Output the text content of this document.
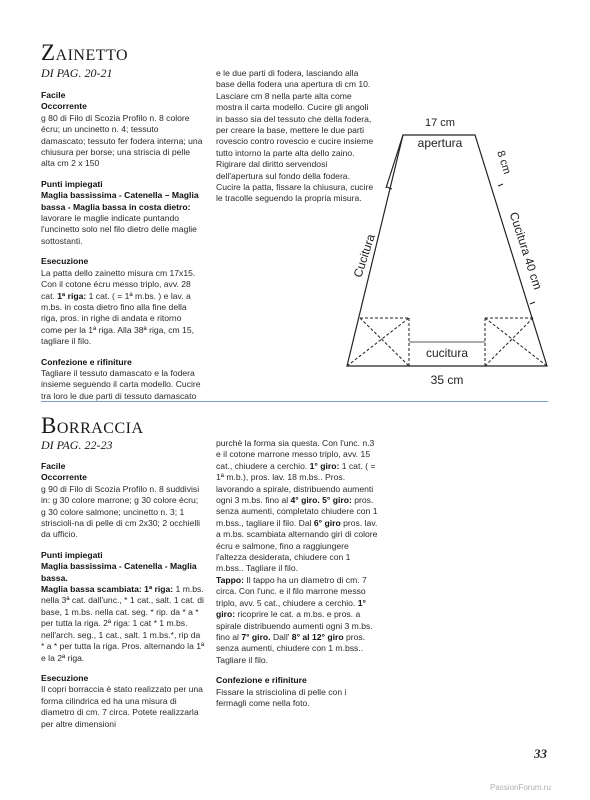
Zainetto
DI PAG. 20-21

Facile

Occorrente

g 80 di Filo di Scozia Profilo n. 8 colore écru; un uncinetto n. 4; tessuto damascato; tessuto fer fodera interna; una chiusura per borse; una striscia di pelle alta cm 2 x 150

Punti impiegati

Maglia bassissima - Catenella – Maglia bassa - Maglia bassa in costa dietro: lavorare le maglie indicate puntando l'uncinetto solo nel filo dietro delle maglie sottostanti.

Esecuzione

La patta dello zainetto misura cm 17x15. Con il cotone écru messo triplo, avv. 28 cat. 1ª riga: 1 cat. ( = 1ª m.bs. ) e lav. a m.bs. in costa dietro fino alla fine della riga, pros. in righe di andata e ritorno come per la 1ª riga. Alla 38ª riga, cm 15, tagliare il filo.

Confezione e rifiniture

Tagliare il tessuto damascato e la fodera insieme seguendo il carta modello. Cucire tra loro le due parti di tessuto damascato

e le due parti di fodera, lasciando alla base della fodera una apertura di cm 10. Lasciare cm 8 nella parte alta come mostra il carta modello. Cucire gli angoli in basso sia del tessuto che della fodera, per creare la base, mettere le due parti rovescio contro rovescio e cucire insieme tutto intorno la parte alta dello zaino. Rigirare dal diritto servendosi dell'apertura sul fondo della fodera. Cucire la patta, fissare la chiusura, cucire le tracolle seguendo la propria misura.

17 cm
apertura
8 cm
Cucitura	Cucitura 40 cm
cucitura
35 cm
Borraccia
DI PAG. 22-23

Facile

Occorrente

g 90 di Filo di Scozia Profilo n. 8 suddivisi in: g 30 colore marrone; g 30 colore écru; g 30 colore salmone; uncinetto n. 3; 1 striscioli-na di pelle di cm 2x30; 2 occhielli da ufficio.

Punti impiegati

Maglia bassissima - Catenella - Maglia bassa.

Maglia bassa scambiata: 1ª riga: 1 m.bs. nella 3ª cat. dall'unc., * 1 cat., salt. 1 cat. di base, 1 m.bs. nella cat. seg. * rip. da * a * per tutta la riga. 2ª riga: 1 cat * 1 m.bs. nell'arch. seg., 1 cat., salt. 1 m.bs.*, rip da * a * per tutta la riga. Pros. alternando la 1ª e la 2ª riga.

Esecuzione

Il copri borraccia è stato realizzato per una forma cilindrica ed ha una misura di diametro di cm. 7 circa. Potete realizzarla per altre dimensioni

purchè la forma sia questa. Con l'unc. n.3 e il cotone marrone messo triplo, avv. 15 cat., chiudere a cerchio. 1° giro: 1 cat. ( = 1ª m.b.), pros. lav. 18 m.bs.. Pros. lavorando a spirale, distribuendo aumenti ogni 3 m.bs. fino al 4° giro. 5° giro: pros. senza aumenti, completato chiudere con 1 m.bss., tagliare il filo. Dal 6° giro pros. lav. a m.bs. scambiata alternando giri di colore écru e salmone, fino a raggiungere l'altezza desiderata, chiudere con 1 m.bss.. Tagliare il filo.

Tappo: Il tappo ha un diametro di cm. 7 circa. Con l'unc. e il filo marrone messo triplo, avv. 5 cat., chiudere a cerchio. 1° giro: ricoprire le cat. a m.bs. e pros. a spirale distribuendo aumenti ogni 3 m.bs. fino al 7° giro. Dall' 8° al 12° giro pros. senza aumenti, chiudere con 1 m.bss.. Tagliare il filo.

Confezione e rifiniture

Fissare la striscioIina di pelle con i fermagli come nella foto.

33
PassionForum.ru
